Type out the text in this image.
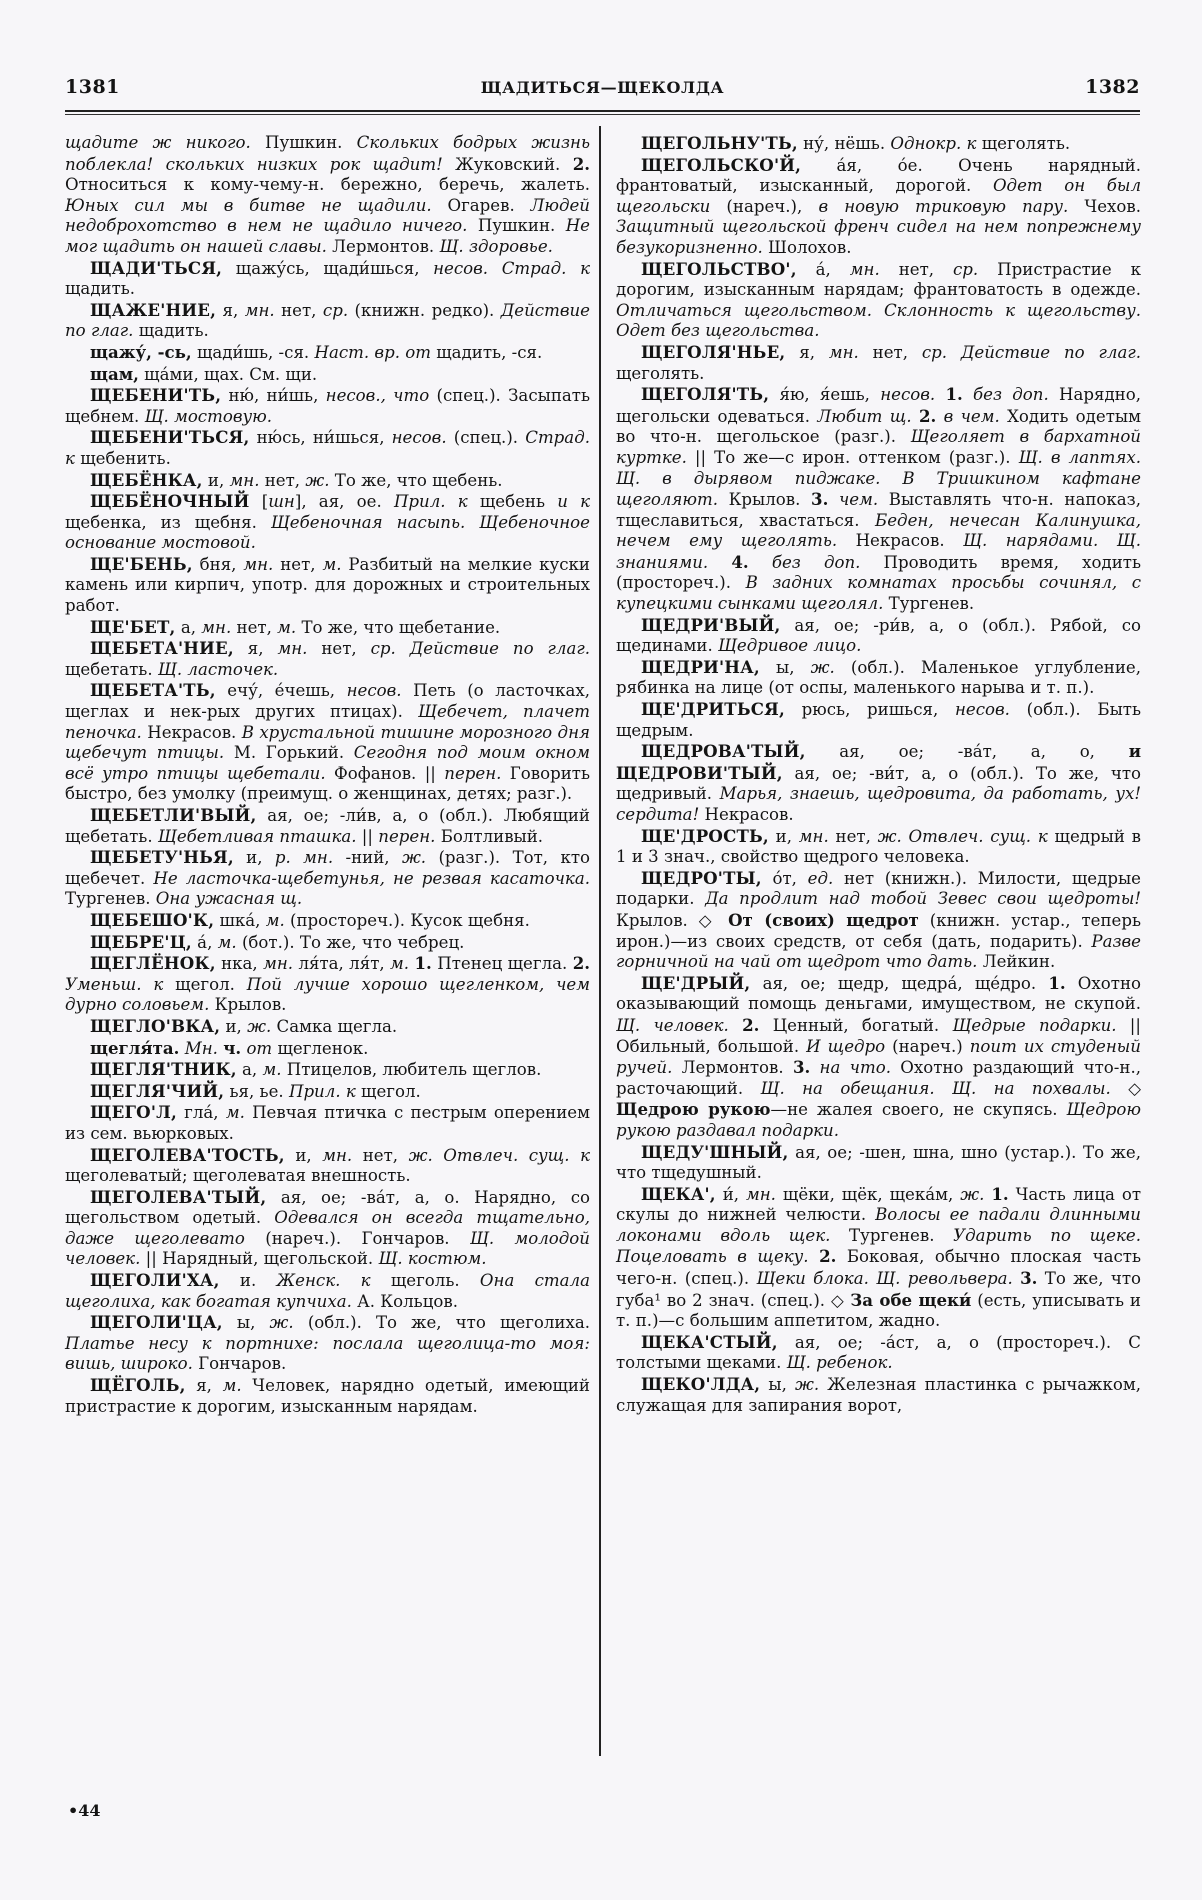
1381	ЩАДИТЬСЯ—ЩЕКОЛДА	1382

щадите ж никого. Пушкин. Скольких бодрых жизнь поблекла! скольких низких рок щадит! Жуковский. 2. Относиться к кому-чему-н. бережно, беречь, жалеть. Юных сил мы в битве не щадили. Огарев. Людей недоброхотство в нем не щадило ничего. Пушкин. Не мог щадить он нашей славы. Лермонтов. Щ. здоровье.

ЩАДИ'ТЬСЯ, щажу́сь, щади́шься, несов. Страд. к щадить.

ЩАЖЕ'НИЕ, я, мн. нет, ср. (книжн. редко). Действие по глаг. щадить.

щажу́, -сь, щади́шь, -ся. Наст. вр. от щадить, -ся.

щам, ща́ми, щах. См. щи.

ЩЕБЕНИ'ТЬ, ню́, ни́шь, несов., что (спец.). Засыпать щебнем. Щ. мостовую.

ЩЕБЕНИ'ТЬСЯ, ню́сь, ни́шься, несов. (спец.). Страд. к щебенить.

ЩЕБЁНКА, и, мн. нет, ж. То же, что щебень.

ЩЕБЁНОЧНЫЙ [шн], ая, ое. Прил. к щебень и к щебенка, из щебня. Щебеночная насыпь. Щебеночное основание мостовой.

ЩЕ'БЕНЬ, бня, мн. нет, м. Разбитый на мелкие куски камень или кирпич, употр. для дорожных и строительных работ.

ЩЕ'БЕТ, а, мн. нет, м. То же, что щебетание.

ЩЕБЕТА'НИЕ, я, мн. нет, ср. Действие по глаг. щебетать. Щ. ласточек.

ЩЕБЕТА'ТЬ, ечу́, е́чешь, несов. Петь (о ласточках, щеглах и нек-рых других птицах). Щебечет, плачет пеночка. Некрасов. В хрустальной тишине морозного дня щебечут птицы. М. Горький. Сегодня под моим окном всё утро птицы щебетали. Фофанов. || перен. Говорить быстро, без умолку (преимущ. о женщинах, детях; разг.).

ЩЕБЕТЛИ'ВЫЙ, ая, ое; -ли́в, а, о (обл.). Любящий щебетать. Щебетливая пташка. || перен. Болтливый.

ЩЕБЕТУ'НЬЯ, и, р. мн. -ний, ж. (разг.). Тот, кто щебечет. Не ласточка-щебетунья, не резвая касаточка. Тургенев. Она ужасная щ.

ЩЕБЕШО'К, шка́, м. (простореч.). Кусок щебня.

ЩЕБРЕ'Ц, а́, м. (бот.). То же, что чебрец.

ЩЕГЛЁНОК, нка, мн. ля́та, ля́т, м. 1. Птенец щегла. 2. Уменьш. к щегол. Пой лучше хорошо щегленком, чем дурно соловьем. Крылов.

ЩЕГЛО'ВКА, и, ж. Самка щегла.

щегля́та. Мн. ч. от щегленок.

ЩЕГЛЯ'ТНИК, а, м. Птицелов, любитель щеглов.

ЩЕГЛЯ'ЧИЙ, ья, ье. Прил. к щегол.

ЩЕГО'Л, гла́, м. Певчая птичка с пестрым оперением из сем. вьюрковых.

ЩЕГОЛЕВА'ТОСТЬ, и, мн. нет, ж. Отвлеч. сущ. к щеголеватый; щеголеватая внешность.

ЩЕГОЛЕВА'ТЫЙ, ая, ое; -ва́т, а, о. Нарядно, со щегольством одетый. Одевался он всегда тщательно, даже щеголевато (нареч.). Гончаров. Щ. молодой человек. || Нарядный, щегольской. Щ. костюм.

ЩЕГОЛИ'ХА, и. Женск. к щеголь. Она стала щеголиха, как богатая купчиха. А. Кольцов.

ЩЕГОЛИ'ЦА, ы, ж. (обл.). То же, что щеголиха. Платье несу к портнихе: послала щеголица-то моя: вишь, широко. Гончаров.

ЩЁГОЛЬ, я, м. Человек, нарядно одетый, имеющий пристрастие к дорогим, изысканным нарядам.

ЩЕГОЛЬНУ'ТЬ, ну́, нёшь. Однокр. к щеголять.

ЩЕГОЛЬСКО'Й, а́я, о́е. Очень нарядный. франтоватый, изысканный, дорогой. Одет он был щегольски (нареч.), в новую триковую пару. Чехов. Защитный щегольской френч сидел на нем попрежнему безукоризненно. Шолохов.

ЩЕГОЛЬСТВО', а́, мн. нет, ср. Пристрастие к дорогим, изысканным нарядам; франтоватость в одежде. Отличаться щегольством. Склонность к щегольству. Одет без щегольства.

ЩЕГОЛЯ'НЬЕ, я, мн. нет, ср. Действие по глаг. щеголять.

ЩЕГОЛЯ'ТЬ, я́ю, я́ешь, несов. 1. без доп. Нарядно, щегольски одеваться. Любит щ. 2. в чем. Ходить одетым во что-н. щегольское (разг.). Щеголяет в бархатной куртке. || То же—с ирон. оттенком (разг.). Щ. в лаптях. Щ. в дырявом пиджаке. В Тришкином кафтане щеголяют. Крылов. 3. чем. Выставлять что-н. напоказ, тщеславиться, хвастаться. Беден, нечесан Калинушка, нечем ему щеголять. Некрасов. Щ. нарядами. Щ. знаниями. 4. без доп. Проводить время, ходить (простореч.). В задних комнатах просьбы сочинял, с купецкими сынками щеголял. Тургенев.

ЩЕДРИ'ВЫЙ, ая, ое; -ри́в, а, о (обл.). Рябой, со щединами. Щедривое лицо.

ЩЕДРИ'НА, ы, ж. (обл.). Маленькое углубление, рябинка на лице (от оспы, маленького нарыва и т. п.).

ЩЕ'ДРИТЬСЯ, рюсь, ришься, несов. (обл.). Быть щедрым.

ЩЕДРОВА'ТЫЙ, ая, ое; -ва́т, а, о, и ЩЕДРОВИ'ТЫЙ, ая, ое; -ви́т, а, о (обл.). То же, что щедривый. Марья, знаешь, щедровита, да работать, ух! сердита! Некрасов.

ЩЕ'ДРОСТЬ, и, мн. нет, ж. Отвлеч. сущ. к щедрый в 1 и 3 знач., свойство щедрого человека.

ЩЕДРО'ТЫ, о́т, ед. нет (книжн.). Милости, щедрые подарки. Да продлит над тобой Зевес свои щедроты! Крылов. ◇ От (своих) щедрот (книжн. устар., теперь ирон.)—из своих средств, от себя (дать, подарить). Разве горничной на чай от щедрот что дать. Лейкин.

ЩЕ'ДРЫЙ, ая, ое; щедр, щедра́, ще́дро. 1. Охотно оказывающий помощь деньгами, имуществом, не скупой. Щ. человек. 2. Ценный, богатый. Щедрые подарки. || Обильный, большой. И щедро (нареч.) поит их студеный ручей. Лермонтов. 3. на что. Охотно раздающий что-н., расточающий. Щ. на обещания. Щ. на похвалы. ◇ Щедрою рукою—не жалея своего, не скупясь. Щедрою рукою раздавал подарки.

ЩЕДУ'ШНЫЙ, ая, ое; -шен, шна, шно (устар.). То же, что тщедушный.

ЩЕКА', и́, мн. щёки, щёк, щека́м, ж. 1. Часть лица от скулы до нижней челюсти. Волосы ее падали длинными локонами вдоль щек. Тургенев. Ударить по щеке. Поцеловать в щеку. 2. Боковая, обычно плоская часть чего-н. (спец.). Щеки блока. Щ. револьвера. 3. То же, что губа¹ во 2 знач. (спец.). ◇ За обе щеки́ (есть, уписывать и т. п.)—с большим аппетитом, жадно.

ЩЕКА'СТЫЙ, ая, ое; -а́ст, а, о (простореч.). С толстыми щеками. Щ. ребенок.

ЩЕКО'ЛДА, ы, ж. Железная пластинка с рычажком, служащая для запирания ворот,

•44
